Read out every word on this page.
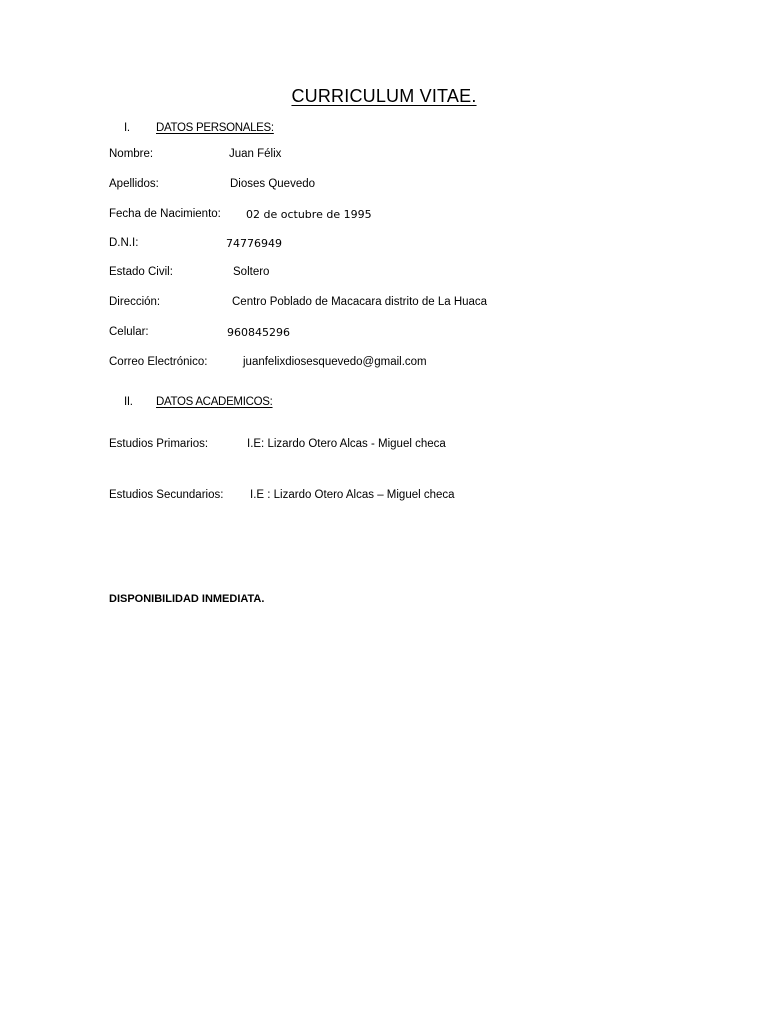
CURRICULUM VITAE.
I. DATOS PERSONALES:
Nombre:	Juan Félix
Apellidos:	Dioses Quevedo
Fecha de Nacimiento: 02 de octubre de 1995
D.N.I:	74776949
Estado Civil:	Soltero
Dirección:	Centro Poblado de Macacara distrito de La Huaca
Celular:	960845296
Correo Electrónico:	juanfelixdiosesquevedo@gmail.com
II. DATOS ACADEMICOS:
Estudios Primarios:	I.E: Lizardo Otero Alcas - Miguel checa
Estudios Secundarios: I.E : Lizardo Otero Alcas – Miguel checa
DISPONIBILIDAD INMEDIATA.
